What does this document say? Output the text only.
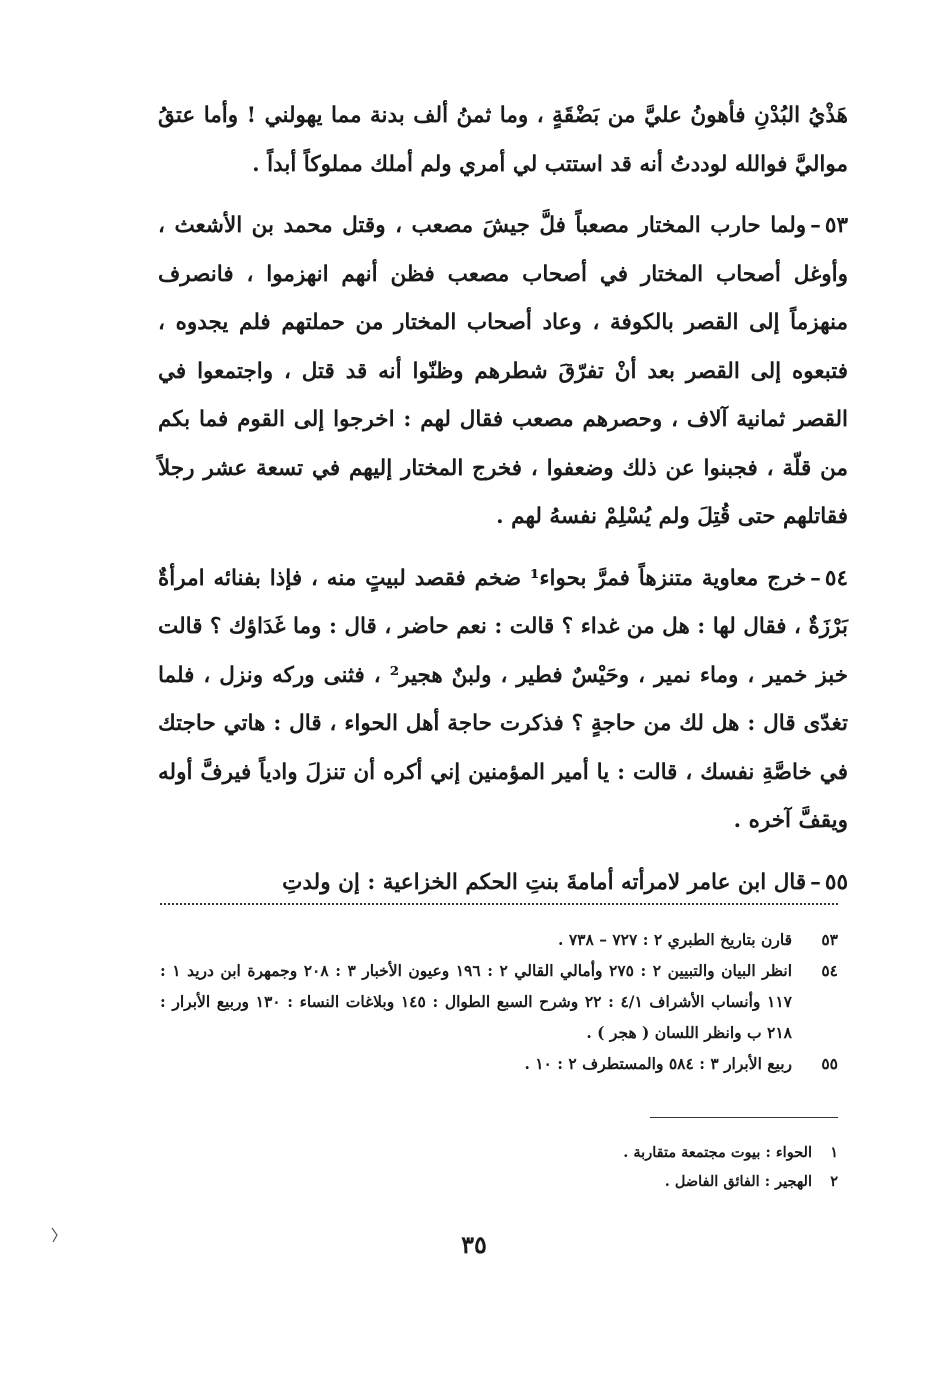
هَذْيُ البُدْنِ فأهونُ عليَّ من بَضْقَةٍ ، وما ثمنُ ألف بدنة مما يهولني ! وأما عتقُ مواليَّ فوالله لوددتُ أنه قد استتب لي أمري ولم أملك مملوكاً أبداً .

٥٣–ولما حارب المختار مصعباً فلَّ جيشَ مصعب ، وقتل محمد بن الأشعث ، وأوغل أصحاب المختار في أصحاب مصعب فظن أنهم انهزموا ، فانصرف منهزماً إلى القصر بالكوفة ، وعاد أصحاب المختار من حملتهم فلم يجدوه ، فتبعوه إلى القصر بعد أنْ تفرّقَ شطرهم وظنّوا أنه قد قتل ، واجتمعوا في القصر ثمانية آلاف ، وحصرهم مصعب فقال لهم : اخرجوا إلى القوم فما بكم من قلّة ، فجبنوا عن ذلك وضعفوا ، فخرج المختار إليهم في تسعة عشر رجلاً فقاتلهم حتى قُتِلَ ولم يُسْلِمْ نفسهُ لهم .

٥٤–خرج معاوية متنزهاً فمرَّ بحواء¹ ضخم فقصد لبيتٍ منه ، فإذا بفنائه امرأةٌ بَرْزَةٌ ، فقال لها : هل من غداء ؟ قالت : نعم حاضر ، قال : وما غَدَاؤك ؟ قالت خبز خمير ، وماء نمير ، وحَيْسٌ فطير ، ولبنٌ هجير² ، فثنى وركه ونزل ، فلما تغدّى قال : هل لك من حاجةٍ ؟ فذكرت حاجة أهل الحواء ، قال : هاتي حاجتك في خاصَّةِ نفسك ، قالت : يا أمير المؤمنين إني أكره أن تنزلَ وادياً فيرفَّ أوله ويقفَّ آخره .

٥٥–قال ابن عامر لامرأته أمامةَ بنتِ الحكم الخزاعية : إن ولدتِ

٥٣
قارن بتاريخ الطبري ٢ : ٧٢٧ – ٧٣٨ .
٥٤
انظر البيان والتبيين ٢ : ٢٧٥ وأمالي القالي ٢ : ١٩٦ وعيون الأخبار ٣ : ٢٠٨ وجمهرة ابن دريد ١ : ١١٧ وأنساب الأشراف ٤/١ : ٢٢ وشرح السبع الطوال : ١٤٥ وبلاغات النساء : ١٣٠ وربيع الأبرار : ٢١٨ ب وانظر اللسان ( هجر ) .
٥٥
ربيع الأبرار ٣ : ٥٨٤ والمستطرف ٢ : ١٠ .
١
الحواء : بيوت مجتمعة متقاربة .
٢
الهجير : الفائق الفاضل .
٣٥
